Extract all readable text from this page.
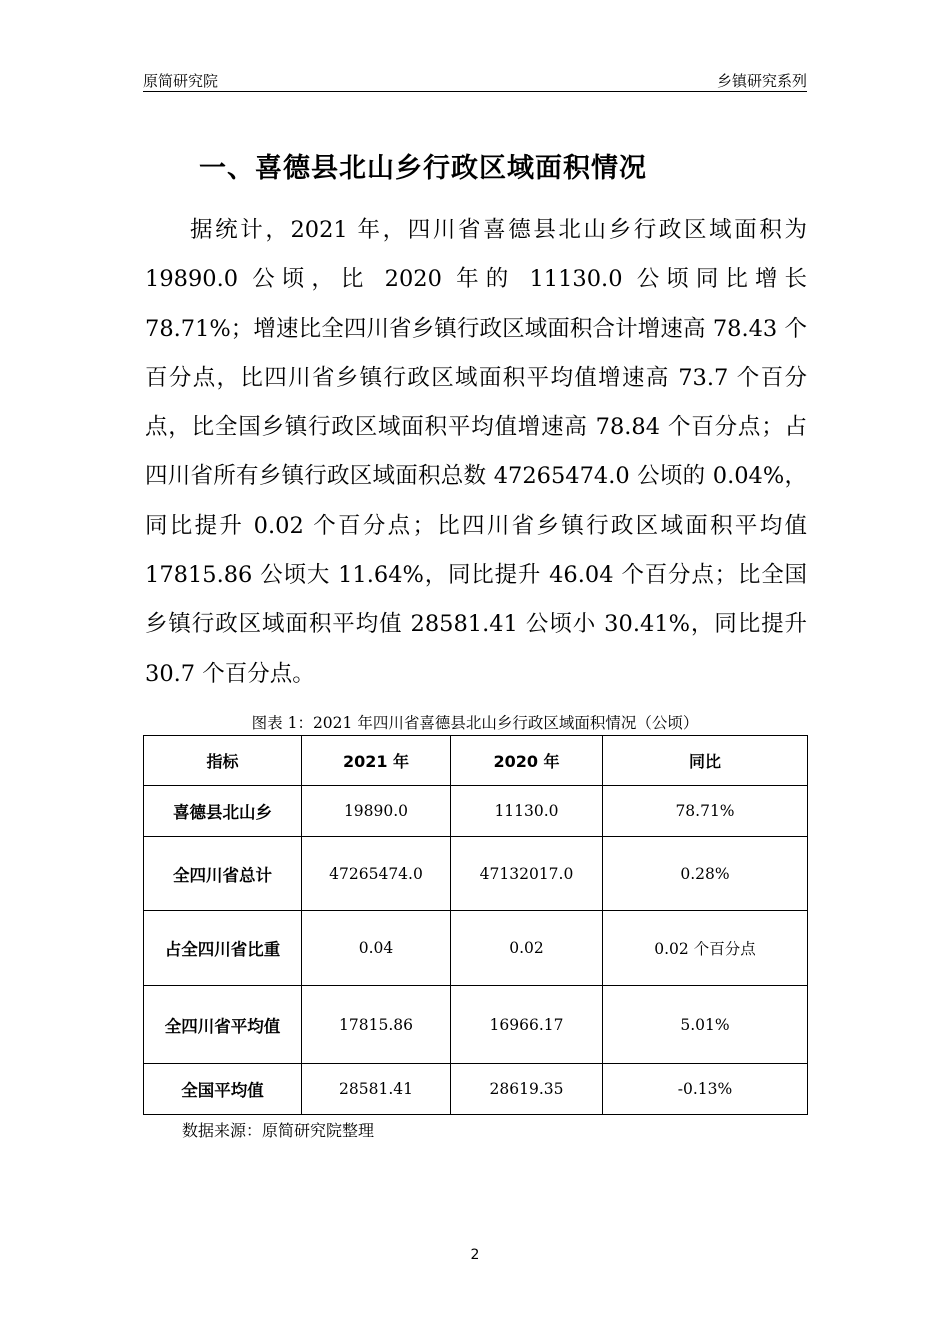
原简研究院	乡镇研究系列
一、喜德县北山乡行政区域面积情况

据统计，2021 年，四川省喜德县北山乡行政区域面积为 19890.0 公顷，比 2020 年的 11130.0 公顷同比增长 78.71%；增速比全四川省乡镇行政区域面积合计增速高 78.43 个百分点，比四川省乡镇行政区域面积平均值增速高 73.7 个百分点，比全国乡镇行政区域面积平均值增速高 78.84 个百分点；占四川省所有乡镇行政区域面积总数 47265474.0 公顷的 0.04%，同比提升 0.02 个百分点；比四川省乡镇行政区域面积平均值 17815.86 公顷大 11.64%，同比提升 46.04 个百分点；比全国乡镇行政区域面积平均值 28581.41 公顷小 30.41%，同比提升 30.7 个百分点。

图表 1：2021 年四川省喜德县北山乡行政区域面积情况（公顷）
指标	2021 年	2020 年	同比
喜德县北山乡	19890.0	11130.0	78.71%
全四川省总计	47265474.0	47132017.0	0.28%
占全四川省比重	0.04	0.02	0.02 个百分点
全四川省平均值	17815.86	16966.17	5.01%
全国平均值	28581.41	28619.35	-0.13%
数据来源：原简研究院整理
2
